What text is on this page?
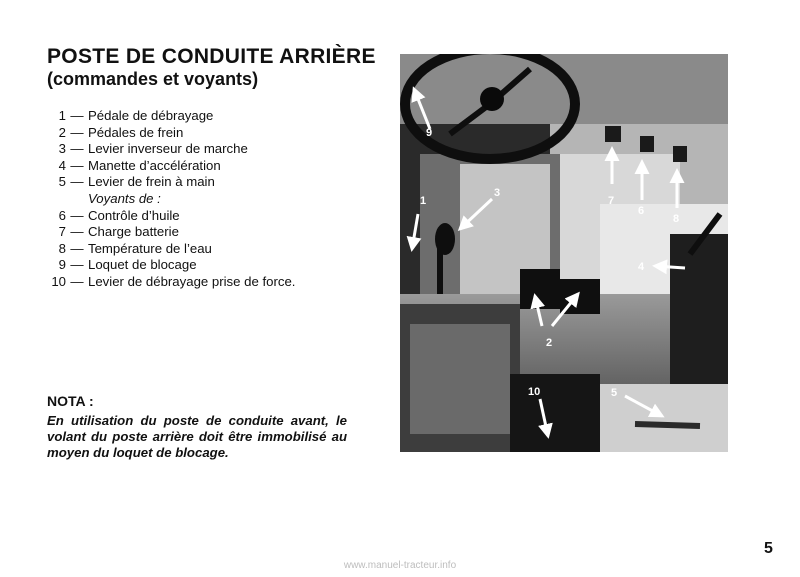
POSTE DE CONDUITE ARRIÈRE
(commandes et voyants)
1 — Pédale de débrayage
2 — Pédales de frein
3 — Levier inverseur de marche
4 — Manette d’accélération
5 — Levier de frein à main
Voyants de :
6 — Contrôle d’huile
7 — Charge batterie
8 — Température de l’eau
9 — Loquet de blocage
10 — Levier de débrayage prise de force.
NOTA :
En utilisation du poste de conduite avant, le volant du poste arrière doit être immobilisé au moyen du loquet de blocage.
1
2
3
4
5
6
7
8
9
10
5
www.manuel-tracteur.info
